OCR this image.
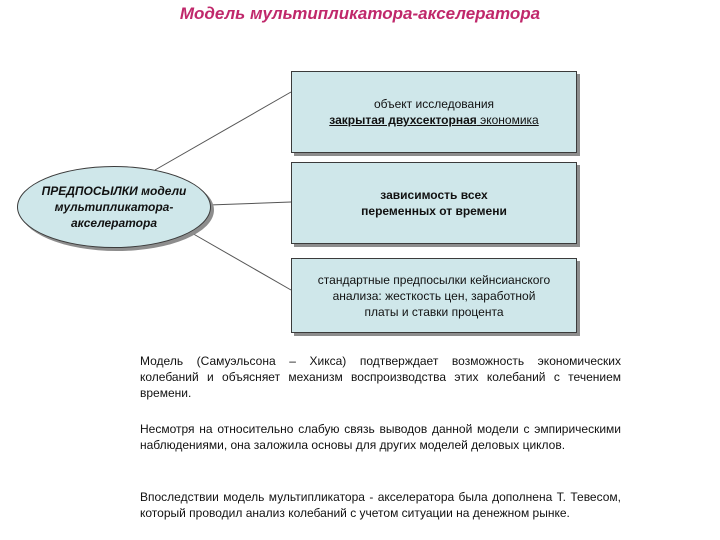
Модель мультипликатора-акселератора
ПРЕДПОСЫЛКИ модели
мультипликатора-
акселератора
объект исследования
закрытая двухсекторная экономика
зависимость всех
переменных от времени
стандартные предпосылки кейнсианского
анализа: жесткость цен, заработной
платы и ставки процента
Модель (Самуэльсона – Хикса) подтверждает возможность экономических колебаний и объясняет механизм воспроизводства этих колебаний с течением времени.
Несмотря на относительно слабую связь выводов данной модели с эмпирическими наблюдениями, она заложила основы для других моделей деловых циклов.
Впоследствии модель мультипликатора - акселератора была дополнена Т. Тевесом, который проводил анализ колебаний с учетом ситуации на денежном рынке.
